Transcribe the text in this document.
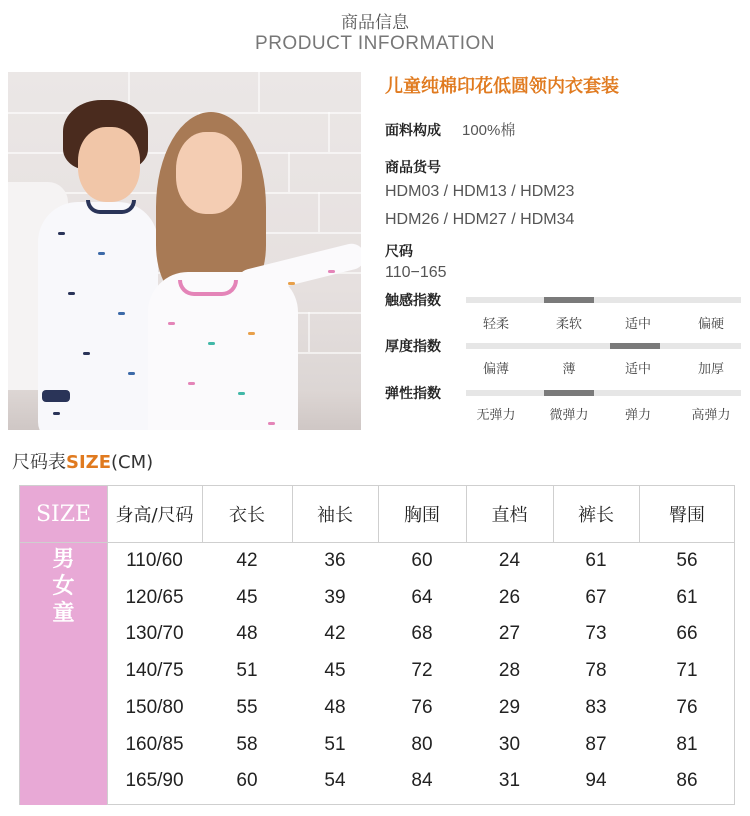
商品信息
PRODUCT INFORMATION
儿童纯棉印花低圆领内衣套装
面料构成 100%棉
商品货号
HDM03 / HDM13 / HDM23
HDM26 / HDM27 / HDM34
尺码
110−165
触感指数
轻柔	柔软	适中	偏硬
厚度指数
偏薄	薄	适中	加厚
弹性指数
无弹力	微弹力	弹力	高弹力
尺码表SIZE(CM)
SIZE
男
女
童
身高/尺码	衣长	袖长	胸围	直档	裤长	臀围
110/60	42	36	60	24	61	56
120/65	45	39	64	26	67	61
130/70	48	42	68	27	73	66
140/75	51	45	72	28	78	71
150/80	55	48	76	29	83	76
160/85	58	51	80	30	87	81
165/90	60	54	84	31	94	86
